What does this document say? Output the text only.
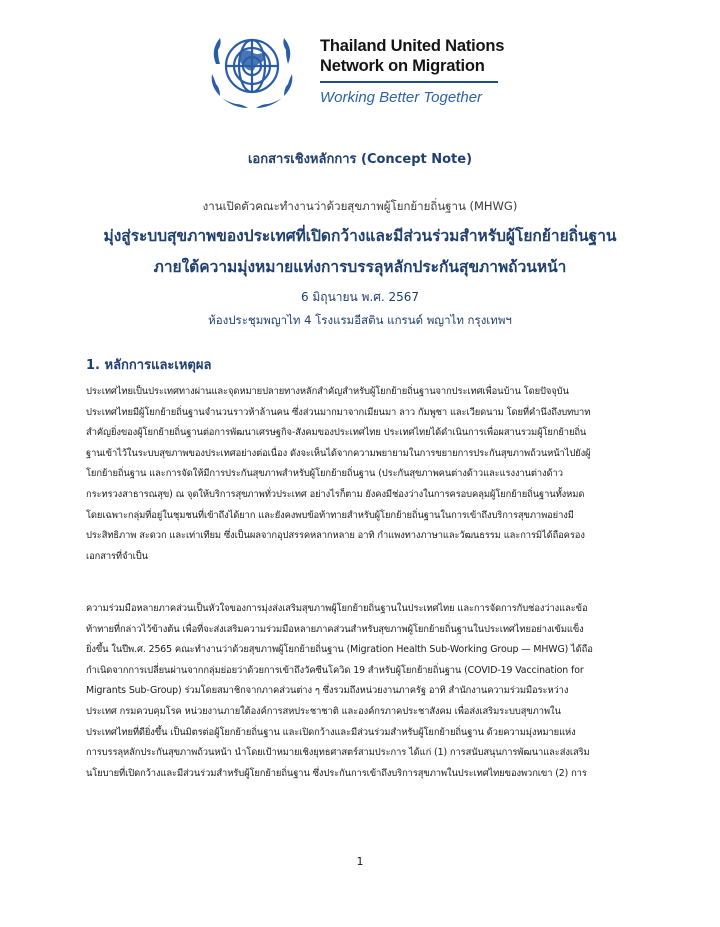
Thailand United Nations
Network on Migration
Working Better Together
เอกสารเชิงหลักการ (Concept Note)
งานเปิดตัวคณะทำงานว่าด้วยสุขภาพผู้โยกย้ายถิ่นฐาน (MHWG)
มุ่งสู่ระบบสุขภาพของประเทศที่เปิดกว้างและมีส่วนร่วมสำหรับผู้โยกย้ายถิ่นฐาน
ภายใต้ความมุ่งหมายแห่งการบรรลุหลักประกันสุขภาพถ้วนหน้า
6 มิถุนายน พ.ศ. 2567
ห้องประชุมพญาไท 4 โรงแรมอีสติน แกรนด์ พญาไท กรุงเทพฯ
1. หลักการและเหตุผล
ประเทศไทยเป็นประเทศทางผ่านและจุดหมายปลายทางหลักสำคัญสำหรับผู้โยกย้ายถิ่นฐานจากประเทศเพื่อนบ้าน โดยปัจจุบัน
ประเทศไทยมีผู้โยกย้ายถิ่นฐานจำนวนราวห้าล้านคน ซึ่งส่วนมากมาจากเมียนมา ลาว กัมพูชา และเวียดนาม โดยที่คำนึงถึงบทบาท
สำคัญยิ่งของผู้โยกย้ายถิ่นฐานต่อการพัฒนาเศรษฐกิจ-สังคมของประเทศไทย ประเทศไทยได้ดำเนินการเพื่อผสานรวมผู้โยกย้ายถิ่น
ฐานเข้าไว้ในระบบสุขภาพของประเทศอย่างต่อเนื่อง ดังจะเห็นได้จากความพยายามในการขยายการประกันสุขภาพถ้วนหน้าไปยังผู้
โยกย้ายถิ่นฐาน และการจัดให้มีการประกันสุขภาพสำหรับผู้โยกย้ายถิ่นฐาน (ประกันสุขภาพคนต่างด้าวและแรงงานต่างด้าว
กระทรวงสาธารณสุข) ณ จุดให้บริการสุขภาพทั่วประเทศ อย่างไรก็ตาม ยังคงมีช่องว่างในการครอบคลุมผู้โยกย้ายถิ่นฐานทั้งหมด
โดยเฉพาะกลุ่มที่อยู่ในชุมชนที่เข้าถึงได้ยาก และยังคงพบข้อท้าทายสำหรับผู้โยกย้ายถิ่นฐานในการเข้าถึงบริการสุขภาพอย่างมี
ประสิทธิภาพ สะดวก และเท่าเทียม ซึ่งเป็นผลจากอุปสรรคหลากหลาย อาทิ กำแพงทางภาษาและวัฒนธรรม และการมิได้ถือครอง
เอกสารที่จำเป็น
ความร่วมมือหลายภาคส่วนเป็นหัวใจของการมุ่งส่งเสริมสุขภาพผู้โยกย้ายถิ่นฐานในประเทศไทย และการจัดการกับช่องว่างและข้อ
ท้าทายที่กล่าวไว้ข้างต้น เพื่อที่จะส่งเสริมความร่วมมือหลายภาคส่วนสำหรับสุขภาพผู้โยกย้ายถิ่นฐานในประเทศไทยอย่างเข้มแข็ง
ยิ่งขึ้น ในปีพ.ศ. 2565 คณะทำงานว่าด้วยสุขภาพผู้โยกย้ายถิ่นฐาน (Migration Health Sub-Working Group — MHWG) ได้ถือ
กำเนิดจากการเปลี่ยนผ่านจากกลุ่มย่อยว่าด้วยการเข้าถึงวัคซีนโควิด 19 สำหรับผู้โยกย้ายถิ่นฐาน (COVID-19 Vaccination for
Migrants Sub-Group) ร่วมโดยสมาชิกจากภาคส่วนต่าง ๆ ซึ่งรวมถึงหน่วยงานภาครัฐ อาทิ สำนักงานความร่วมมือระหว่าง
ประเทศ กรมควบคุมโรค หน่วยงานภายใต้องค์การสหประชาชาติ และองค์กรภาคประชาสังคม เพื่อส่งเสริมระบบสุขภาพใน
ประเทศไทยที่ดียิ่งขึ้น เป็นมิตรต่อผู้โยกย้ายถิ่นฐาน และเปิดกว้างและมีส่วนร่วมสำหรับผู้โยกย้ายถิ่นฐาน ด้วยความมุ่งหมายแห่ง
การบรรลุหลักประกันสุขภาพถ้วนหน้า นำโดยเป้าหมายเชิงยุทธศาสตร์สามประการ ได้แก่ (1) การสนับสนุนการพัฒนาและส่งเสริม
นโยบายที่เปิดกว้างและมีส่วนร่วมสำหรับผู้โยกย้ายถิ่นฐาน ซึ่งประกันการเข้าถึงบริการสุขภาพในประเทศไทยของพวกเขา (2) การ
1
